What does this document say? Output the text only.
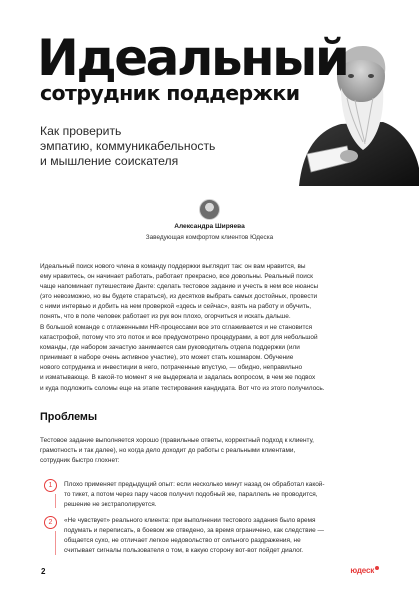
Идеальный
сотрудник поддержки
Как проверить
эмпатию, коммуникабельность
и мышление соискателя
Александра Ширяева
Заведующая комфортом клиентов Юдеска
Идеальный поиск нового члена в команду поддержки выглядит так: он вам нравится, вы
ему нравитесь, он начинает работать, работает прекрасно, все довольны. Реальный поиск
чаще напоминает путешествие Данте: сделать тестовое задание и учесть в нем все нюансы
(это невозможно, но вы будете стараться), из десятков выбрать самых достойных, провести
с ними интервью и добить на нем проверкой «здесь и сейчас», взять на работу и обучить,
понять, что в поле человек работает из рук вон плохо, огорчиться и искать дальше.
В большой команде с отлаженными HR-процессами все это сглаживается и не становится
катастрофой, потому что это поток и все предусмотрено процедурами, а вот для небольшой
команды, где набором зачастую занимается сам руководитель отдела поддержки (или
принимает в наборе очень активное участие), это может стать кошмаром. Обучение
нового сотрудника и инвестиции в него, потраченные впустую, — обидно, неправильно
и изматывающе. В какой-то момент я не выдержала и задалась вопросом, в чем же подвох
и куда подложить соломы еще на этапе тестирования кандидата. Вот что из этого получилось.
Проблемы
Тестовое задание выполняется хорошо (правильные ответы, корректный подход к клиенту,
грамотность и так далее), но когда дело доходит до работы с реальными клиентами,
сотрудник быстро глохнет:
1	Плохо применяет предыдущий опыт: если несколько минут назад он обработал какой-
то тикет, а потом через пару часов получил подобный же, параллель не проводится,
решение не экстраполируется.
2	«Не чувствует» реального клиента: при выполнении тестового задания было время
подумать и переписать, в боевом же отведено, за время ограничено, как следствие —
общается сухо, не отличает легкое недовольство от сильного раздражения, не
считывает сигналы пользователя о том, в какую сторону вот-вот пойдет диалог.
2	юдеск
